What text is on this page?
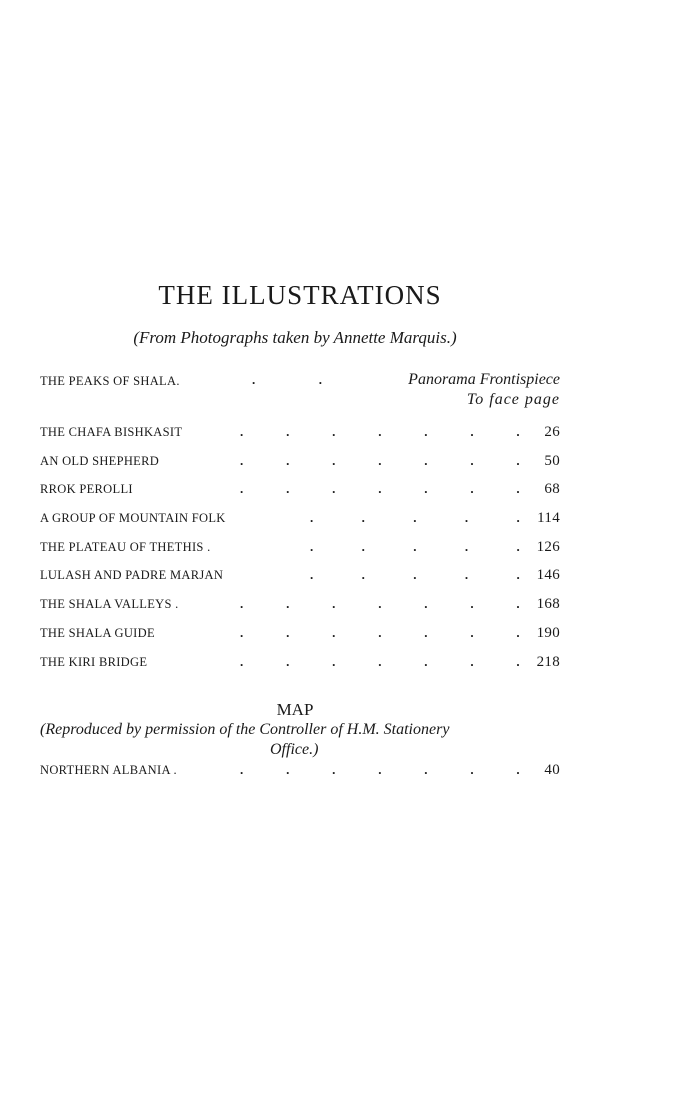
THE ILLUSTRATIONS

(From Photographs taken by Annette Marquis.)

THE PEAKS OF SHALA.	.	.	Panorama Frontispiece
To face page
THE CHAFA BISHKASIT	.	.	.	.	.	.	. 26
AN OLD SHEPHERD	.	.	.	.	.	.	. 50
RROK PEROLLI	.	.	.	.	.	.	. 68
A GROUP OF MOUNTAIN FOLK	.	.	.	.	. 114
THE PLATEAU OF THETHIS .	.	.	.	.	. 126
LULASH AND PADRE MARJAN	.	.	.	.	. 146
THE SHALA VALLEYS .	.	.	.	.	.	.	. 168
THE SHALA GUIDE	.	.	.	.	.	.	. 190
THE KIRI BRIDGE	.	.	.	.	.	.	. 218
MAP

(Reproduced by permission of the Controller of H.M. Stationery
Office.)

NORTHERN ALBANIA .	.	.	.	.	.	.	. 40
